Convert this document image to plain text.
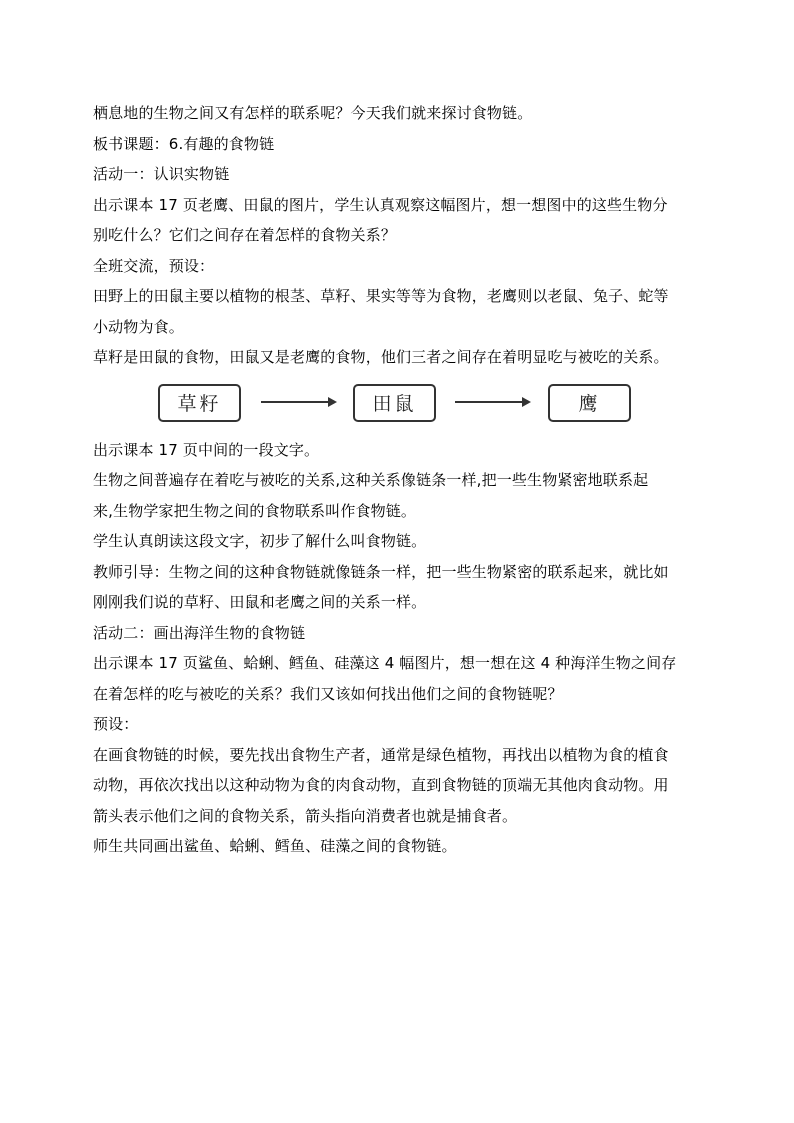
栖息地的生物之间又有怎样的联系呢？今天我们就来探讨食物链。
板书课题：6.有趣的食物链
活动一：认识实物链
出示课本 17 页老鹰、田鼠的图片，学生认真观察这幅图片，想一想图中的这些生物分
别吃什么？它们之间存在着怎样的食物关系？
全班交流，预设：
田野上的田鼠主要以植物的根茎、草籽、果实等等为食物，老鹰则以老鼠、兔子、蛇等
小动物为食。
草籽是田鼠的食物，田鼠又是老鹰的食物，他们三者之间存在着明显吃与被吃的关系。
草籽	田鼠	鹰
出示课本 17 页中间的一段文字。
生物之间普遍存在着吃与被吃的关系,这种关系像链条一样,把一些生物紧密地联系起
来,生物学家把生物之间的食物联系叫作食物链。
学生认真朗读这段文字，初步了解什么叫食物链。
教师引导：生物之间的这种食物链就像链条一样，把一些生物紧密的联系起来，就比如
刚刚我们说的草籽、田鼠和老鹰之间的关系一样。
活动二：画出海洋生物的食物链
出示课本 17 页鲨鱼、蛤蜊、鳕鱼、硅藻这 4 幅图片，想一想在这 4 种海洋生物之间存
在着怎样的吃与被吃的关系？我们又该如何找出他们之间的食物链呢？
预设：
在画食物链的时候，要先找出食物生产者，通常是绿色植物，再找出以植物为食的植食
动物，再依次找出以这种动物为食的肉食动物，直到食物链的顶端无其他肉食动物。用
箭头表示他们之间的食物关系，箭头指向消费者也就是捕食者。
师生共同画出鲨鱼、蛤蜊、鳕鱼、硅藻之间的食物链。
